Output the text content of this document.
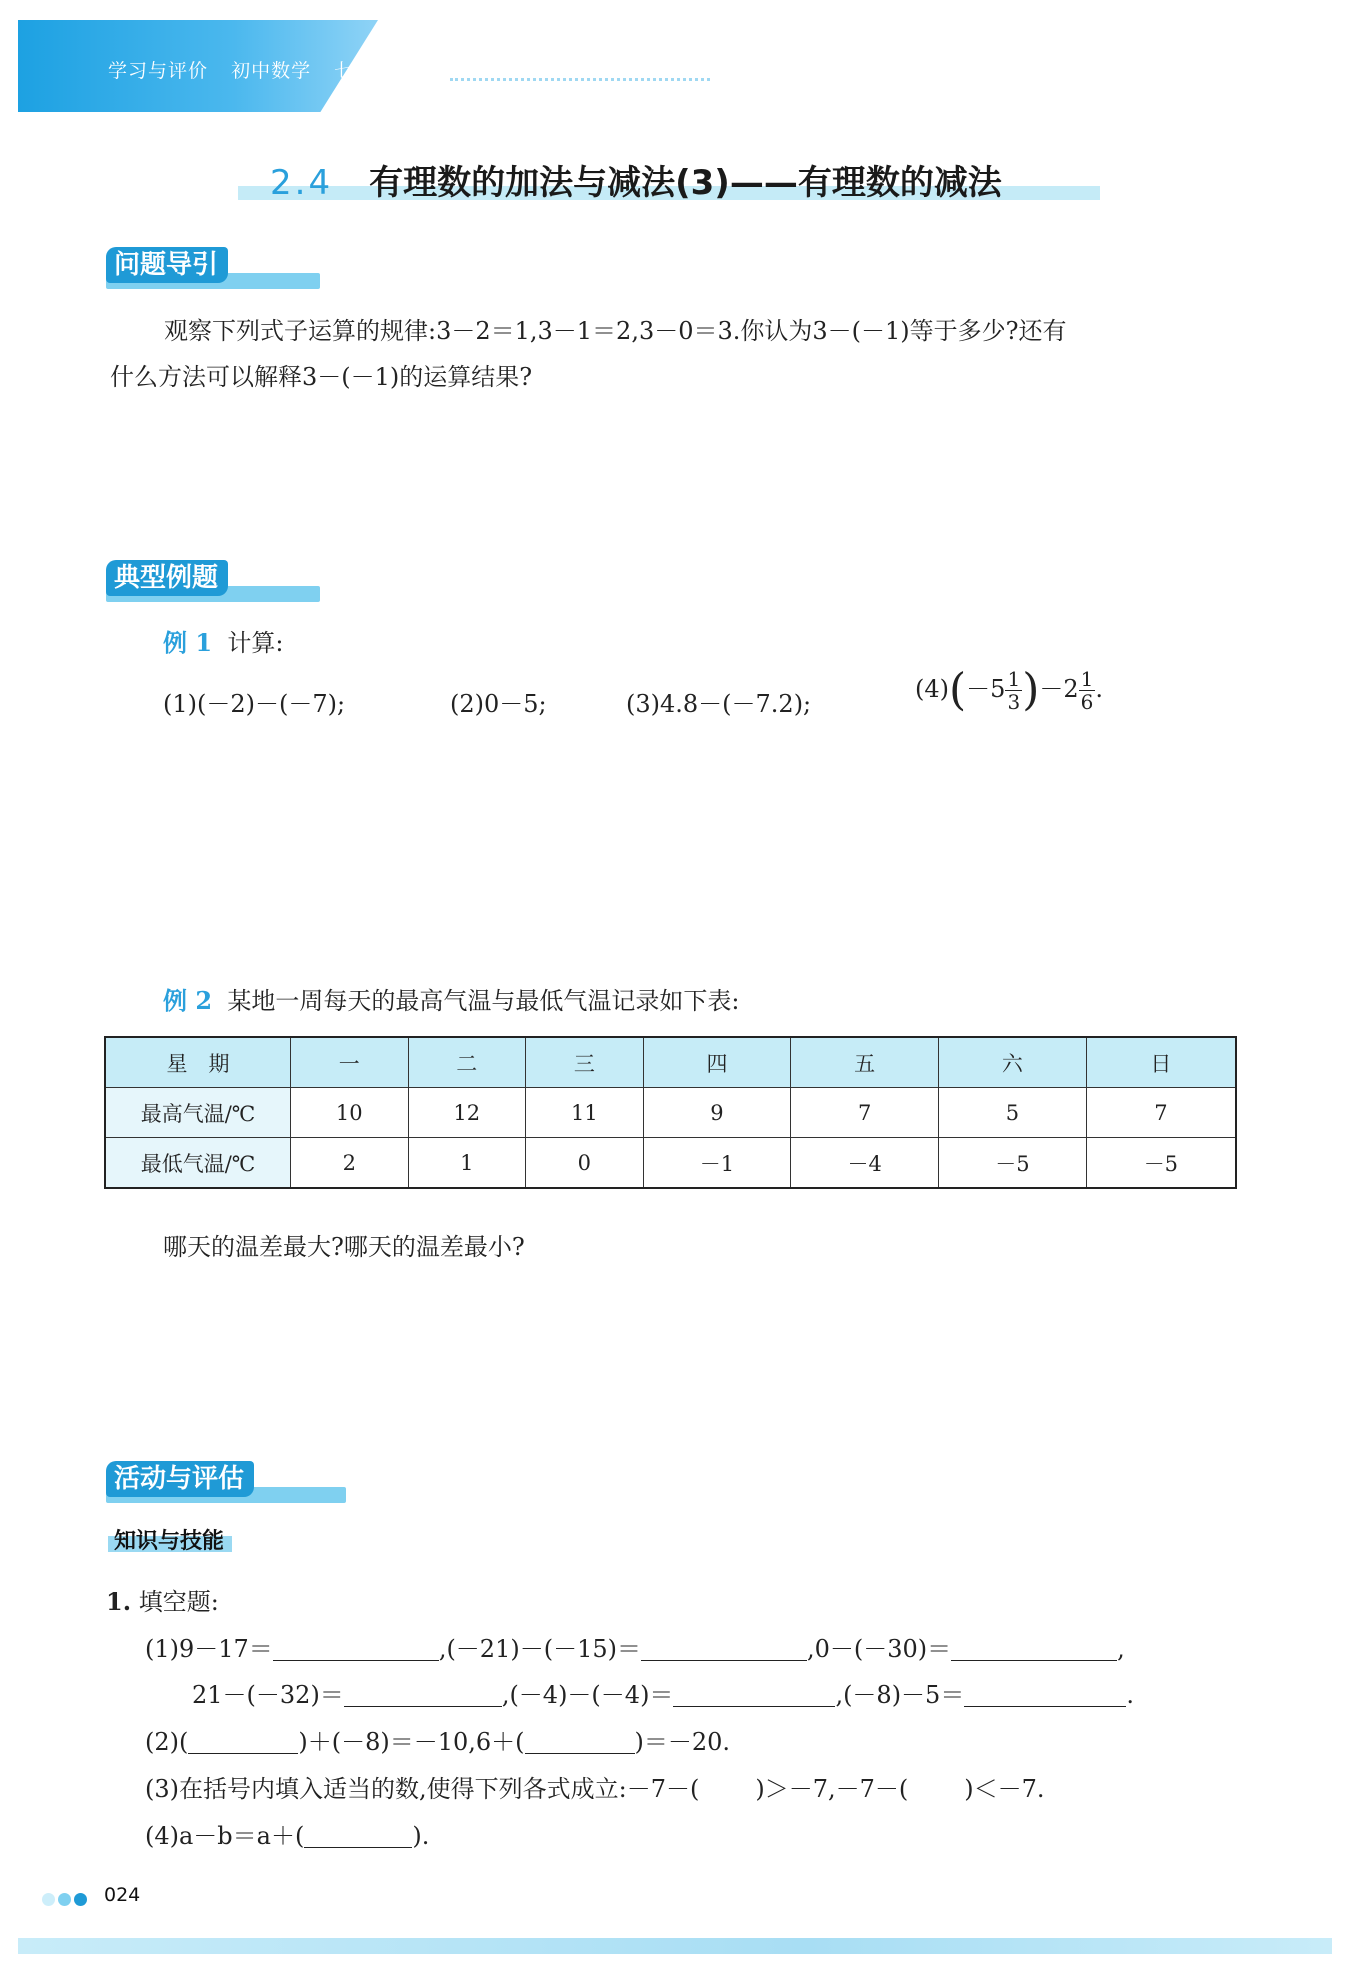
学习与评价 初中数学 七年级上册
2.4 有理数的加法与减法(3)——有理数的减法
问题导引
观察下列式子运算的规律:3－2＝1,3－1＝2,3－0＝3.你认为3－(－1)等于多少?还有
什么方法可以解释3－(－1)的运算结果?
典型例题
例 1 计算:
(1)(－2)－(－7);	(2)0－5;	(3)4.8－(－7.2);
$(4)(-5 \frac{1}{3} )-2 \frac{1}{6}$ .
例 2 某地一周每天的最高气温与最低气温记录如下表:
星　期	一	二	三	四	五	六	日
最高气温/℃	10	12	11	9	7	5	7
最低气温/℃	2	1	0	－1	－4	－5	－5
哪天的温差最大?哪天的温差最小?
活动与评估
知识与技能
1. 填空题:
(1)9－17＝	,(－21)－(－15)＝	,0－(－30)＝	,
21－(－32)＝	,(－4)－(－4)＝	,(－8)－5＝	.
(2)(	)＋(－8)＝－10,6＋(	)＝－20.
(3)在括号内填入适当的数,使得下列各式成立:－7－( )＞－7,－7－( )＜－7.
(4)a－b＝a＋(	).
024
